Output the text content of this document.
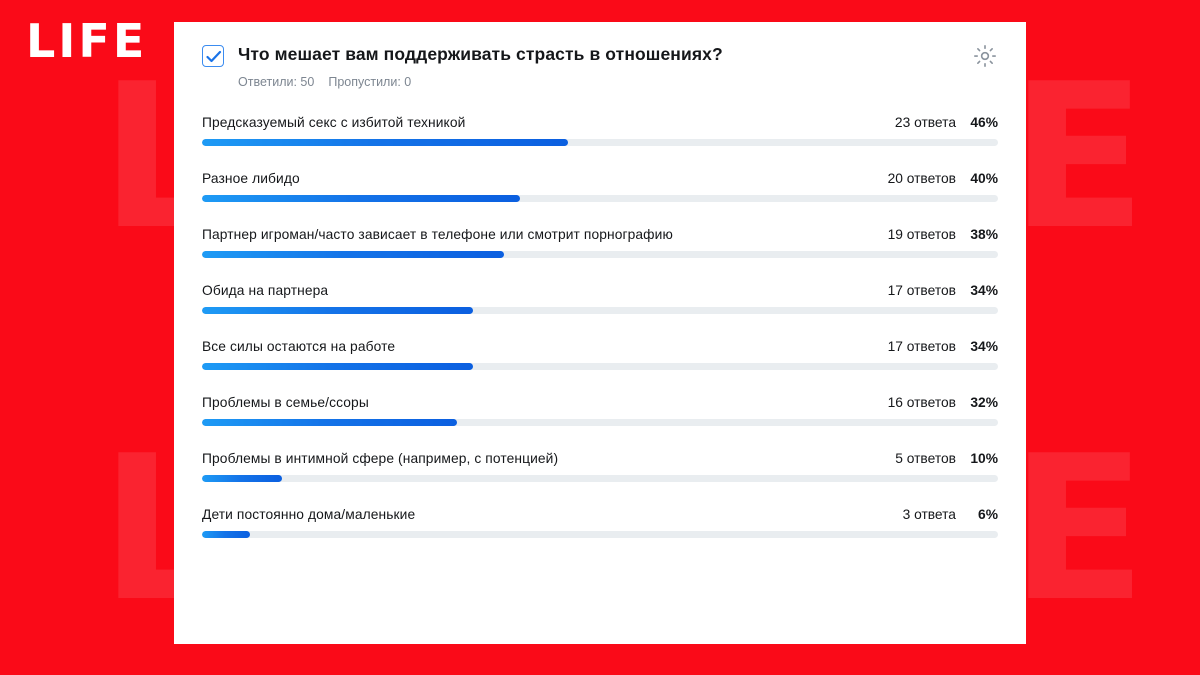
L	E
L	E
LIFE	Что мешает вам поддерживать страсть в отношениях?
Ответили: 50 Пропустили: 0
Предсказуемый секс с избитой техникой	23 ответа	46%
Разное либидо	20 ответов	40%
Партнер игроман/часто зависает в телефоне или смотрит порнографию	19 ответов	38%
Обида на партнера	17 ответов	34%
Все силы остаются на работе	17 ответов	34%
Проблемы в семье/ссоры	16 ответов	32%
Проблемы в интимной сфере (например, с потенцией)	5 ответов	10%
Дети постоянно дома/маленькие	3 ответа	6%
